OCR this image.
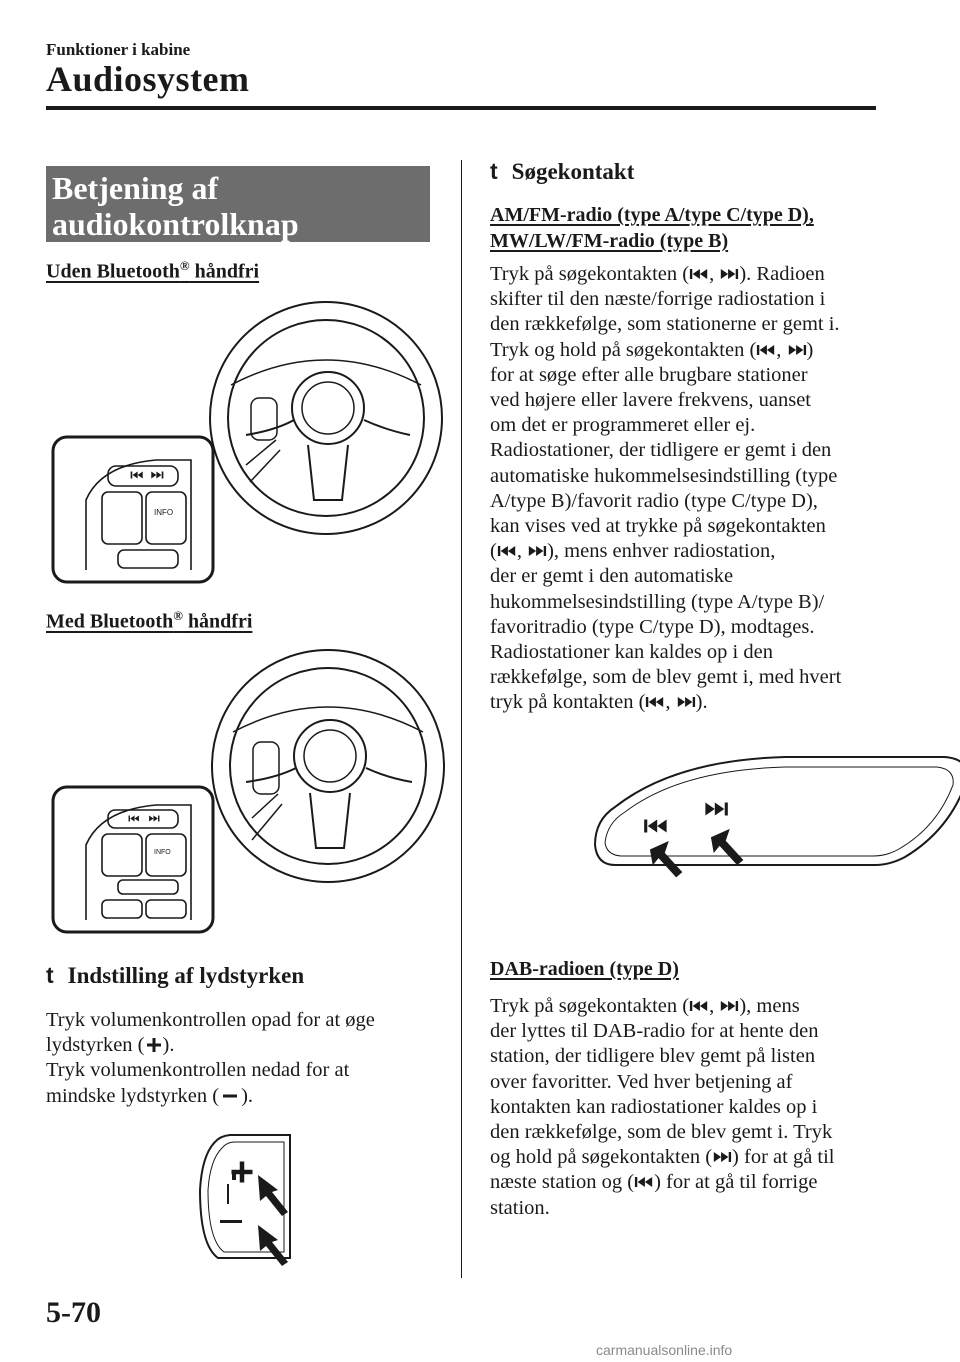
Funktioner i kabine
Audiosystem
Betjening af
audiokontrolknap
Uden Bluetooth® håndfri
INFO
Med Bluetooth® håndfri
INFO
t Indstilling af lydstyrken
Tryk volumenkontrollen opad for at øge
lydstyrken ( ).
Tryk volumenkontrollen nedad for at
mindske lydstyrken ( ).
t Søgekontakt
AM/FM-radio (type A/type C/type D),
MW/LW/FM-radio (type B)
Tryk på søgekontakten ( , ). Radioen
skifter til den næste/forrige radiostation i
den rækkefølge, som stationerne er gemt i.
Tryk og hold på søgekontakten ( , )
for at søge efter alle brugbare stationer
ved højere eller lavere frekvens, uanset
om det er programmeret eller ej.
Radiostationer, der tidligere er gemt i den
automatiske hukommelsesindstilling (type
A/type B)/favorit radio (type C/type D),
kan vises ved at trykke på søgekontakten
( , ), mens enhver radiostation,
der er gemt i den automatiske
hukommelsesindstilling (type A/type B)/
favoritradio (type C/type D), modtages.
Radiostationer kan kaldes op i den
rækkefølge, som de blev gemt i, med hvert
tryk på kontakten ( , ).
DAB-radioen (type D)
Tryk på søgekontakten ( , ), mens
der lyttes til DAB-radio for at hente den
station, der tidligere blev gemt på listen
over favoritter. Ved hver betjening af
kontakten kan radiostationer kaldes op i
den rækkefølge, som de blev gemt i. Tryk
og hold på søgekontakten ( ) for at gå til
næste station og ( ) for at gå til forrige
station.
5-70
carmanualsonline.info
